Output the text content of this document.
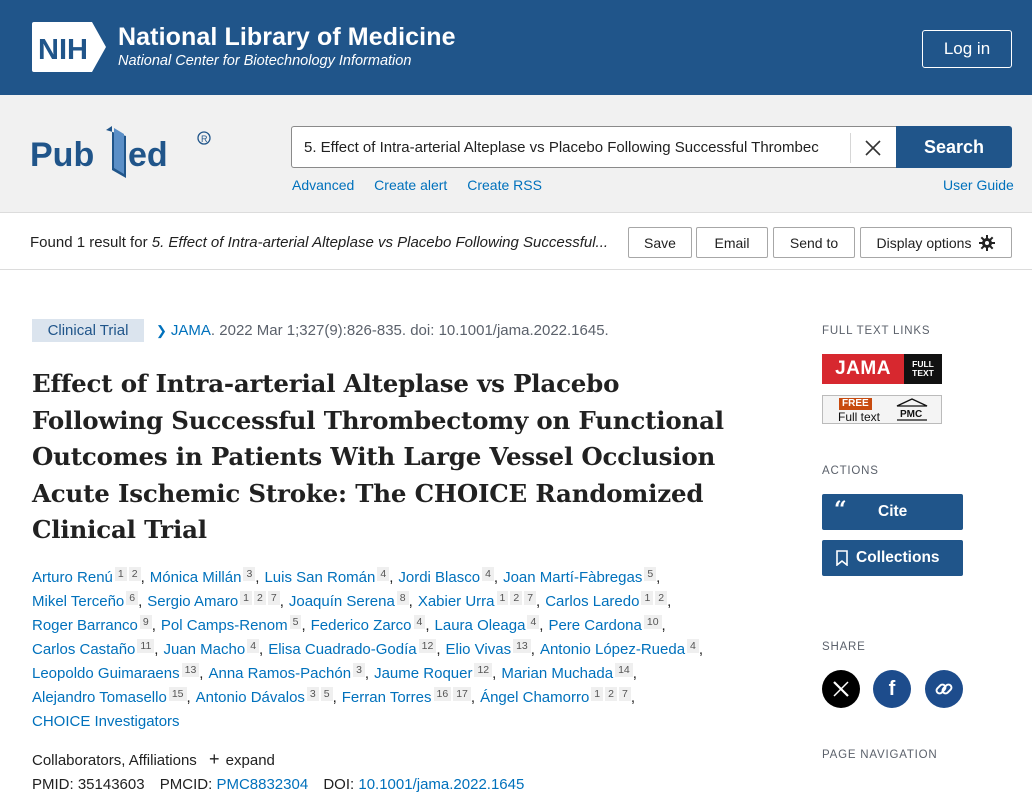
NIH National Library of Medicine
National Center for Biotechnology Information
Log in
Pub ed	R	5. Effect of Intra-arterial Alteplase vs Placebo Following Successful Thrombec	Search
Advanced Create alert Create RSS	User Guide
Found 1 result for 5. Effect of Intra-arterial Alteplase vs Placebo Following Successful...	Save	Email	Send to	Display options
Clinical Trial	❯ JAMA. 2022 Mar 1;327(9):826-835. doi: 10.1001/jama.2022.1645.
Effect of Intra-arterial Alteplase vs Placebo Following Successful Thrombectomy on Functional Outcomes in Patients With Large Vessel Occlusion Acute Ischemic Stroke: The CHOICE Randomized Clinical Trial
Arturo Renú 1 2 , Mónica Millán 3 , Luis San Román 4 , Jordi Blasco 4 , Joan Martí-Fàbregas 5 ,
Mikel Terceño 6 , Sergio Amaro 1 2 7 , Joaquín Serena 8 , Xabier Urra 1 2 7 , Carlos Laredo 1 2 ,
Roger Barranco 9 , Pol Camps-Renom 5 , Federico Zarco 4 , Laura Oleaga 4 , Pere Cardona 10 ,
Carlos Castaño 11 , Juan Macho 4 , Elisa Cuadrado-Godía 12 , Elio Vivas 13 , Antonio López-Rueda 4 ,
Leopoldo Guimaraens 13 , Anna Ramos-Pachón 3 , Jaume Roquer 12 , Marian Muchada 14 ,
Alejandro Tomasello 15 , Antonio Dávalos 3 5 , Ferran Torres 16 17 , Ángel Chamorro 1 2 7 ,
CHOICE Investigators
Collaborators, Affiliations + expand
PMID: 35143603 PMCID: PMC8832304 DOI: 10.1001/jama.2022.1645
FULL TEXT LINKS
JAMA	FULL
TEXT
FREE
Full text PMC
ACTIONS
“ Cite
Collections
SHARE
f
PAGE NAVIGATION
